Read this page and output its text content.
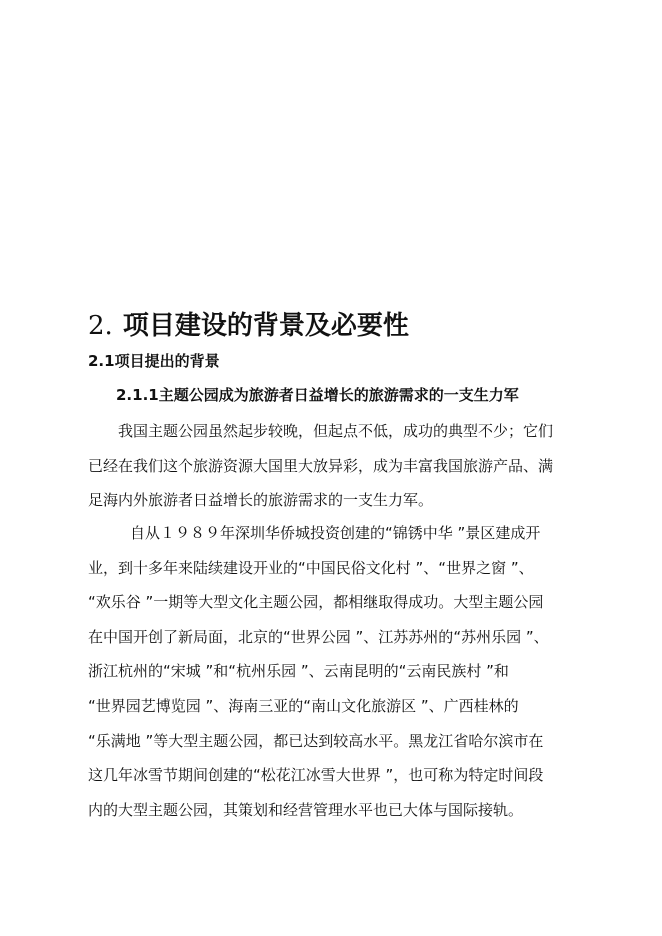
2. 项目建设的背景及必要性
2.1项目提出的背景
2.1.1主题公园成为旅游者日益增长的旅游需求的一支生力军
我国主题公园虽然起步较晚，但起点不低，成功的典型不少；它们
已经在我们这个旅游资源大国里大放异彩，成为丰富我国旅游产品、满
足海内外旅游者日益增长的旅游需求的一支生力军。
自从１９８９年深圳华侨城投资创建的“锦锈中华 ”景区建成开
业，到十多年来陆续建设开业的“中国民俗文化村 ”、“世界之窗 ”、
“欢乐谷 ”一期等大型文化主题公园，都相继取得成功。大型主题公园
在中国开创了新局面，北京的“世界公园 ”、江苏苏州的“苏州乐园 ”、
浙江杭州的“宋城 ”和“杭州乐园 ”、云南昆明的“云南民族村 ”和
“世界园艺博览园 ”、海南三亚的“南山文化旅游区 ”、广西桂林的
“乐满地 ”等大型主题公园，都已达到较高水平。黑龙江省哈尔滨市在
这几年冰雪节期间创建的“松花江冰雪大世界 ”，也可称为特定时间段
内的大型主题公园，其策划和经营管理水平也已大体与国际接轨。
